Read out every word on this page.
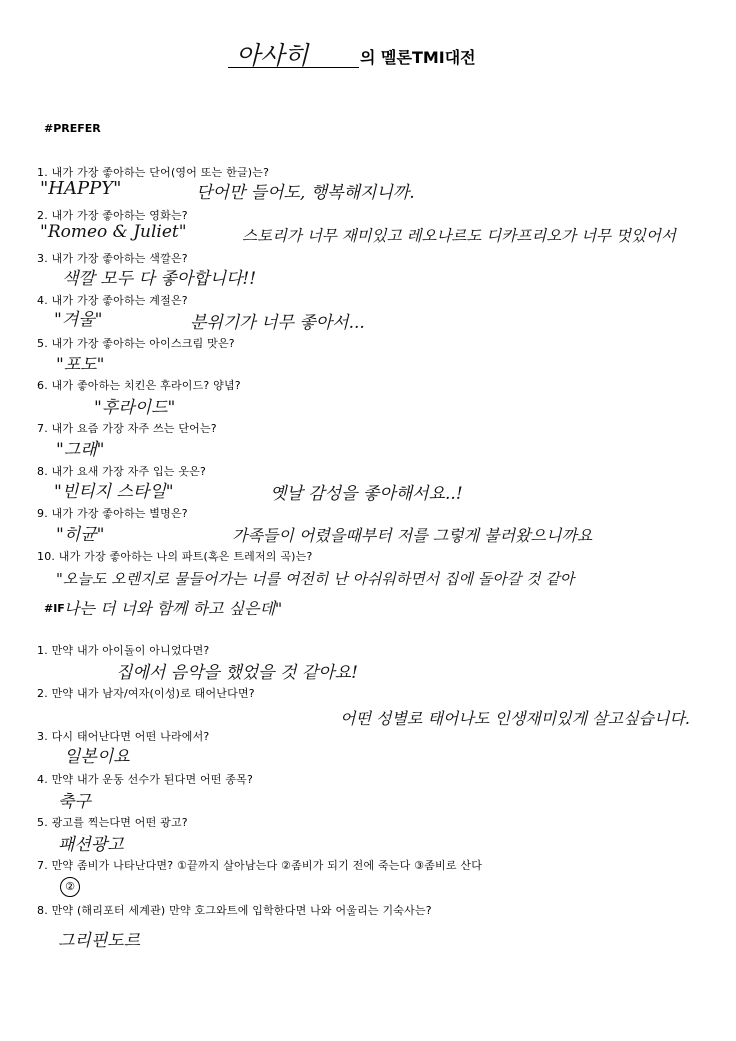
아사히	의 멜론TMI대전
#PREFER
1. 내가 가장 좋아하는 단어(영어 또는 한글)는?
"HAPPY"	단어만 들어도, 행복해지니까.
2. 내가 가장 좋아하는 영화는?
"Romeo & Juliet"	스토리가 너무 재미있고 레오나르도 디카프리오가 너무 멋있어서
3. 내가 가장 좋아하는 색깔은?
색깔 모두 다 좋아합니다!!
4. 내가 가장 좋아하는 계절은?
"겨울"	분위기가 너무 좋아서...
5. 내가 가장 좋아하는 아이스크림 맛은?
"포도"
6. 내가 좋아하는 치킨은 후라이드? 양념?
"후라이드"
7. 내가 요즘 가장 자주 쓰는 단어는?
"그래"
8. 내가 요새 가장 자주 입는 옷은?
"빈티지 스타일"	옛날 감성을 좋아해서요..!
9. 내가 가장 좋아하는 별명은?
"히균"	가족들이 어렸을때부터 저를 그렇게 불러왔으니까요
10. 내가 가장 좋아하는 나의 파트(혹은 트레저의 곡)는?
"오늘도 오렌지로 물들어가는 너를 여전히 난 아쉬워하면서 집에 돌아갈 것 같아
나는 더 너와 함께 하고 싶은데"
#IF
1. 만약 내가 아이돌이 아니었다면?
집에서 음악을 했었을 것 같아요!
2. 만약 내가 남자/여자(이성)로 태어난다면?
어떤 성별로 태어나도 인생재미있게 살고싶습니다.
3. 다시 태어난다면 어떤 나라에서?
일본이요
4. 만약 내가 운동 선수가 된다면 어떤 종목?
축구
5. 광고를 찍는다면 어떤 광고?
패션광고
7. 만약 좀비가 나타난다면? ①끝까지 살아남는다 ②좀비가 되기 전에 죽는다 ③좀비로 산다
②
8. 만약 (해리포터 세계관) 만약 호그와트에 입학한다면 나와 어울리는 기숙사는?
그리핀도르
